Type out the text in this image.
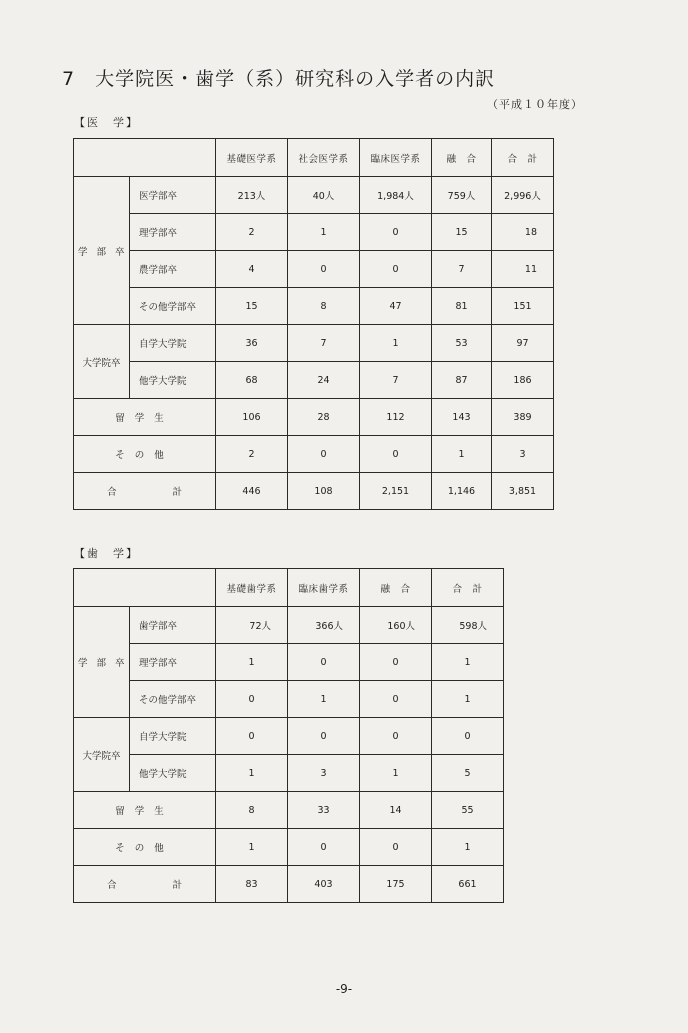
7 大学院医・歯学（系）研究科の入学者の内訳
（平成１０年度）
【医　学】
		基礎医学系	社会医学系	臨床医学系	融　合	合　計
学 部 卒	医学部卒	213人	40人	1,984人	759人	2,996人
	理学部卒	2	1	0	15	18
	農学部卒	4	0	0	7	11
	その他学部卒	15	8	47	81	151
大学院卒	自学大学院	36	7	1	53	97
	他学大学院	68	24	7	87	186
留学生		106	28	112	143	389
その他		2	0	0	1	3
合 計		446	108	2,151	1,146	3,851
【歯　学】
		基礎歯学系	臨床歯学系	融　合	合　計
学 部 卒	歯学部卒	72人	366人	160人	598人
	理学部卒	1	0	0	1
	その他学部卒	0	1	0	1
大学院卒	自学大学院	0	0	0	0
	他学大学院	1	3	1	5
留学生		8	33	14	55
その他		1	0	0	1
合 計		83	403	175	661
-9-
